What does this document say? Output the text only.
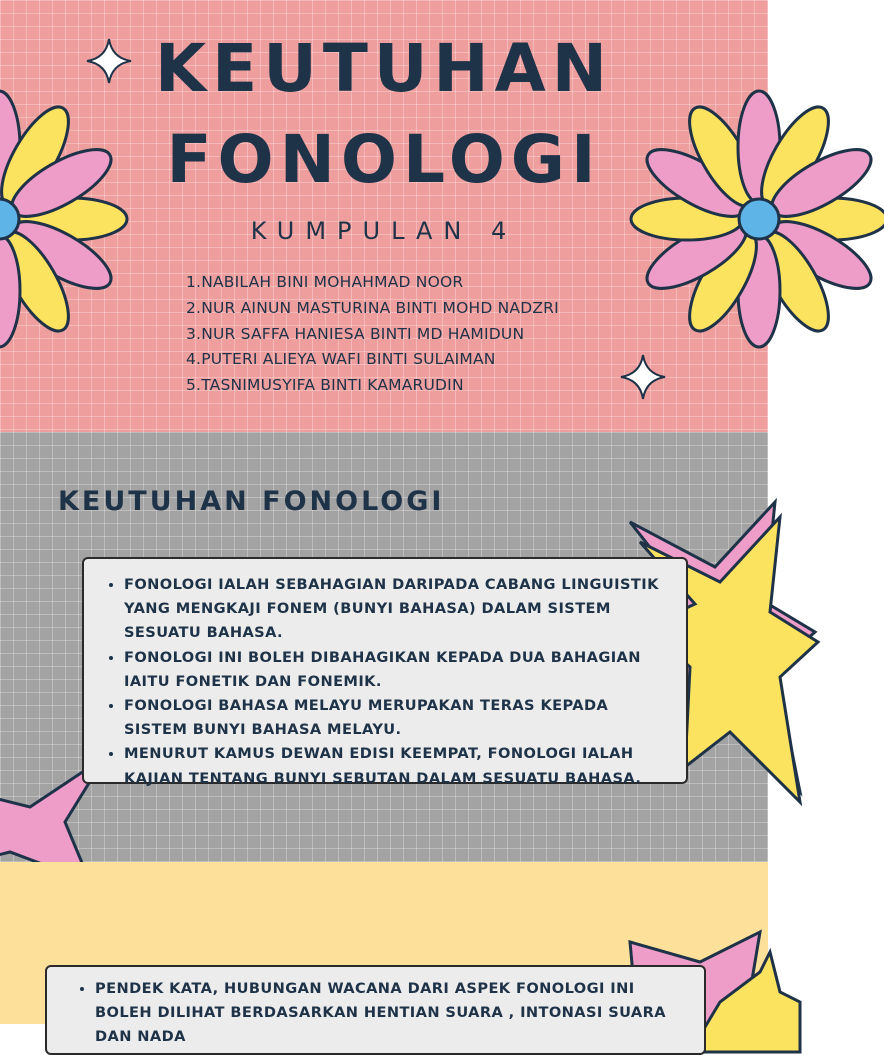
KEUTUHAN
FONOLOGI
KUMPULAN 4
1.NABILAH BINI MOHAHMAD NOOR
2.NUR AINUN MASTURINA BINTI MOHD NADZRI
3.NUR SAFFA HANIESA BINTI MD HAMIDUN
4.PUTERI ALIEYA WAFI BINTI SULAIMAN
5.TASNIMUSYIFA BINTI KAMARUDIN
KEUTUHAN FONOLOGI
• FONOLOGI IALAH SEBAHAGIAN DARIPADA CABANG LINGUISTIK YANG MENGKAJI FONEM (BUNYI BAHASA) DALAM SISTEM SESUATU BAHASA.
• FONOLOGI INI BOLEH DIBAHAGIKAN KEPADA DUA BAHAGIAN IAITU FONETIK DAN FONEMIK.
• FONOLOGI BAHASA MELAYU MERUPAKAN TERAS KEPADA SISTEM BUNYI BAHASA MELAYU.
• MENURUT KAMUS DEWAN EDISI KEEMPAT, FONOLOGI IALAH KAJIAN TENTANG BUNYI SEBUTAN DALAM SESUATU BAHASA.
• PENDEK KATA, HUBUNGAN WACANA DARI ASPEK FONOLOGI INI BOLEH DILIHAT BERDASARKAN HENTIAN SUARA , INTONASI SUARA DAN NADA
